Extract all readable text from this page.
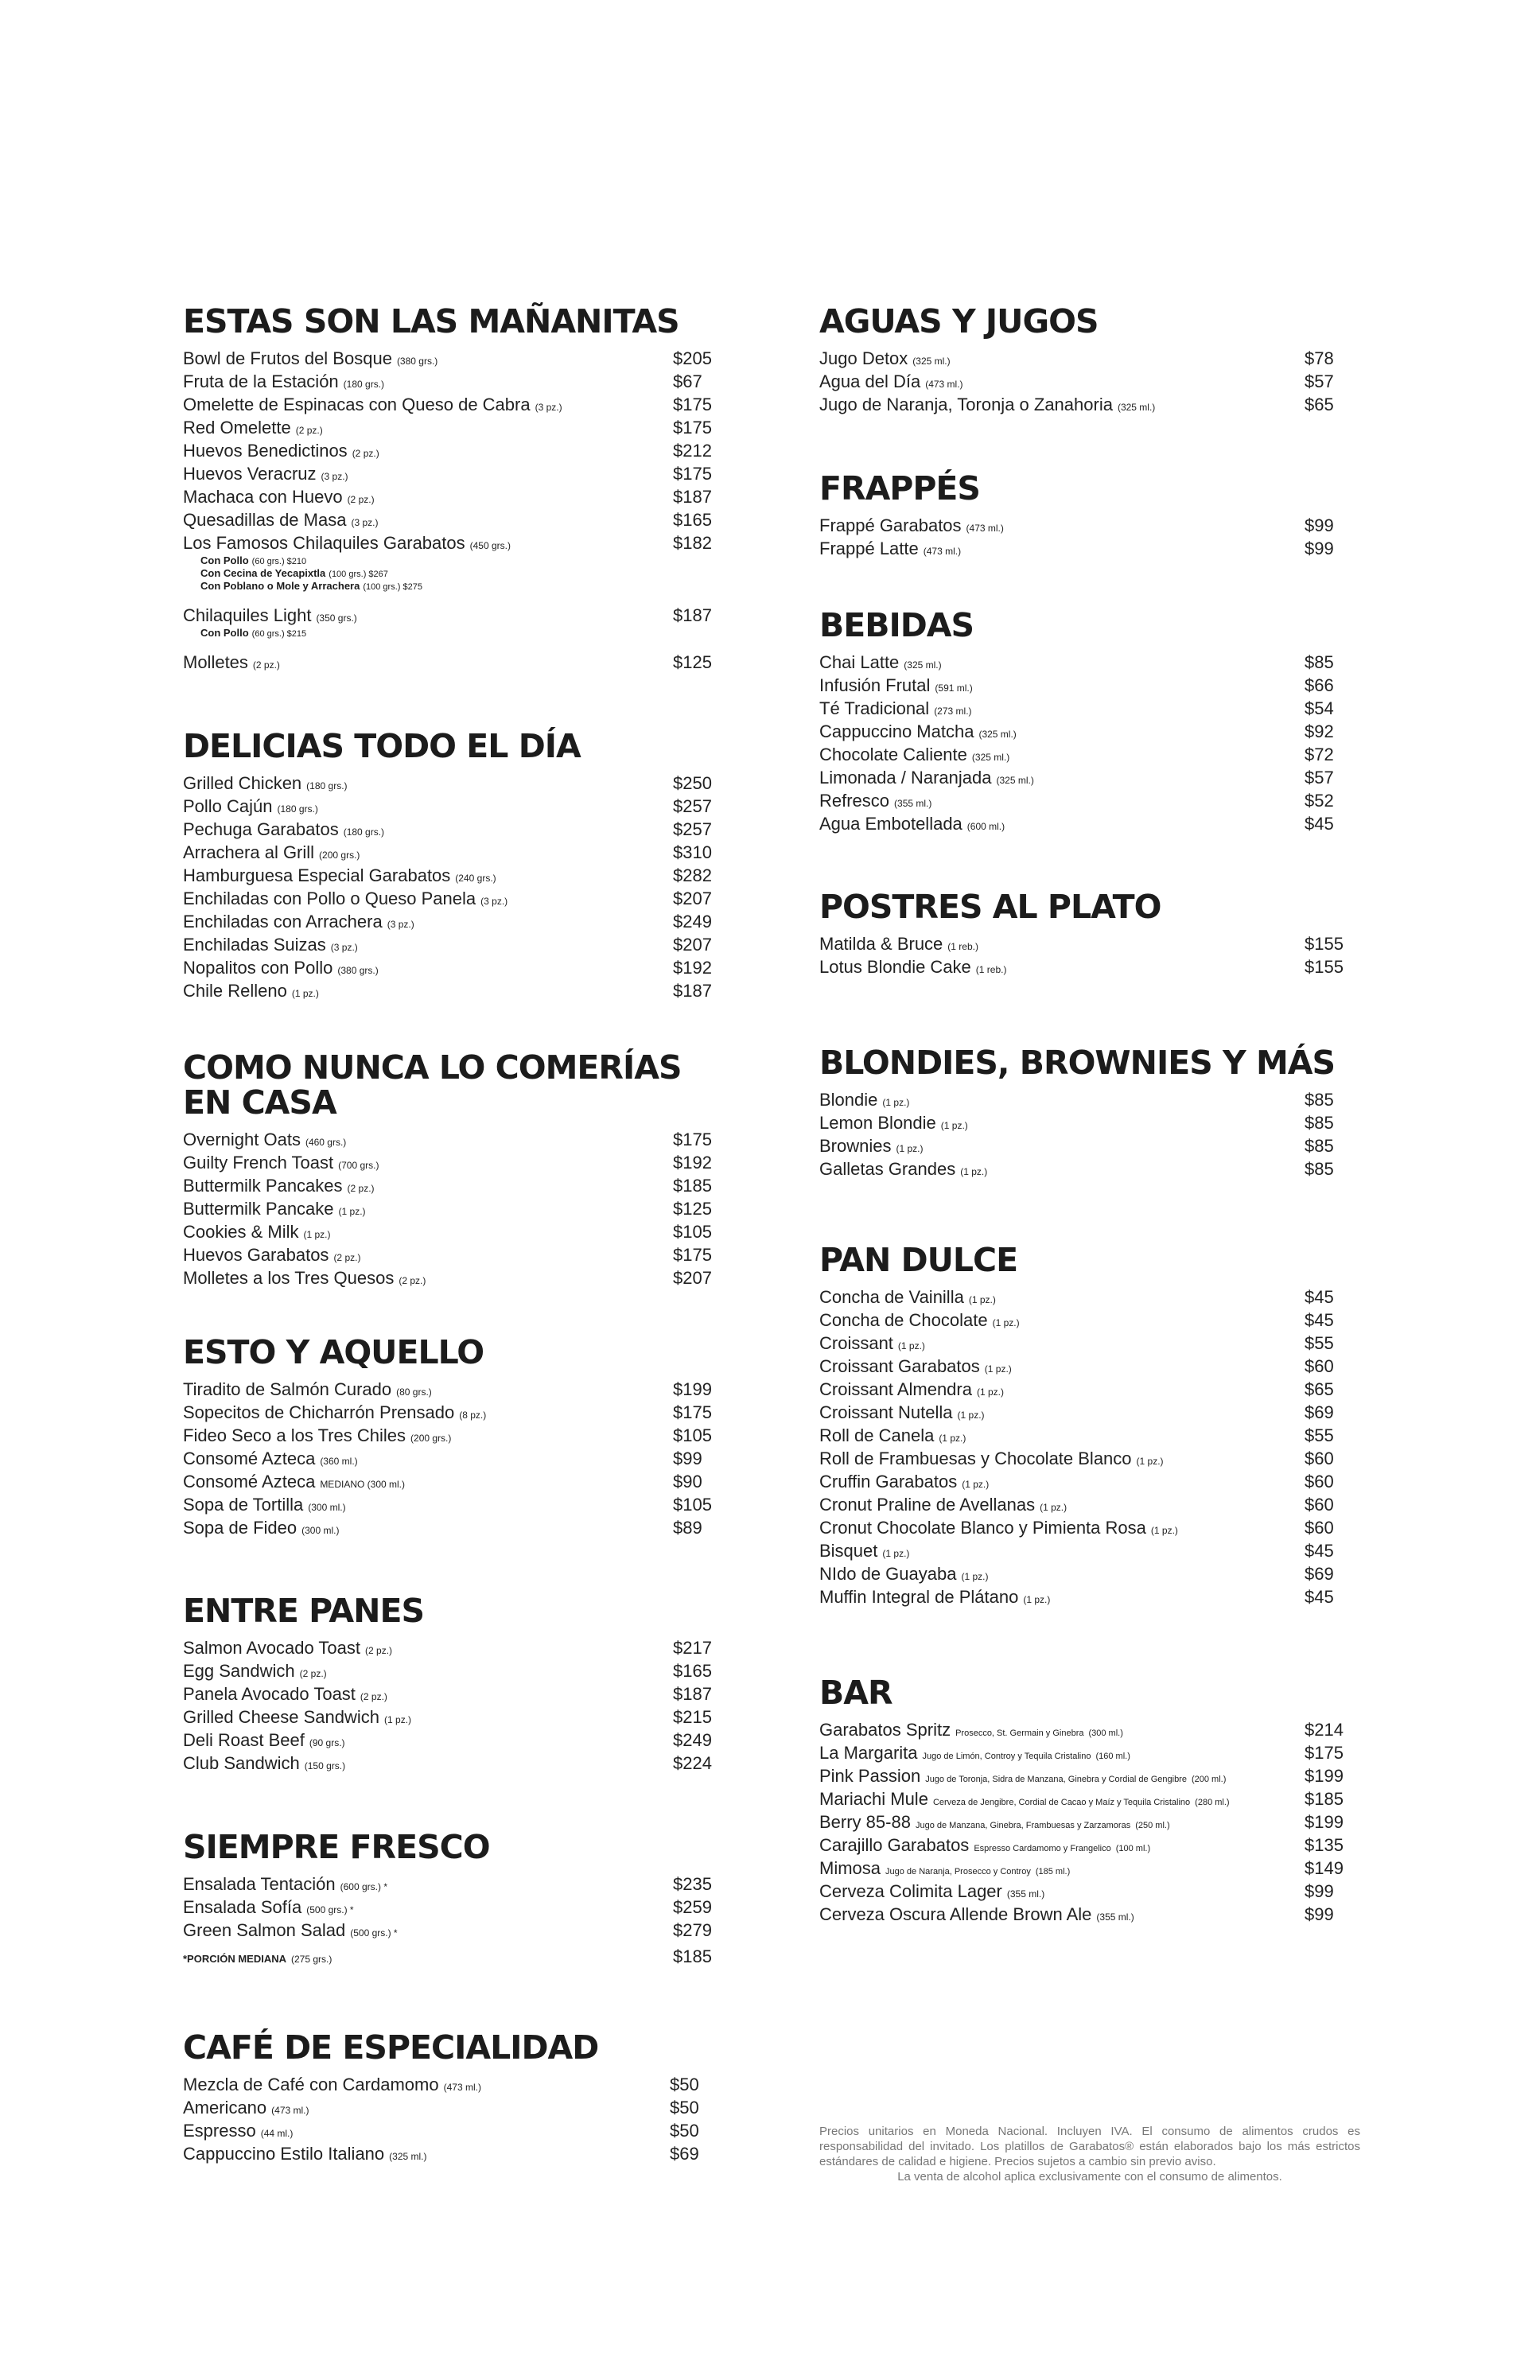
ESTAS SON LAS MAÑANITAS
Bowl de Frutos del Bosque (380 grs.)	$205
Fruta de la Estación (180 grs.)	$67
Omelette de Espinacas con Queso de Cabra (3 pz.)	$175
Red Omelette (2 pz.)	$175
Huevos Benedictinos (2 pz.)	$212
Huevos Veracruz (3 pz.)	$175
Machaca con Huevo (2 pz.)	$187
Quesadillas de Masa (3 pz.)	$165
Los Famosos Chilaquiles Garabatos (450 grs.)	$182
Con Pollo (60 grs.) $210
Con Cecina de Yecapixtla (100 grs.) $267
Con Poblano o Mole y Arrachera (100 grs.) $275
Chilaquiles Light (350 grs.)	$187
Con Pollo (60 grs.) $215
Molletes (2 pz.)	$125
DELICIAS TODO EL DÍA
Grilled Chicken (180 grs.)	$250
Pollo Cajún (180 grs.)	$257
Pechuga Garabatos (180 grs.)	$257
Arrachera al Grill (200 grs.)	$310
Hamburguesa Especial Garabatos (240 grs.)	$282
Enchiladas con Pollo o Queso Panela (3 pz.)	$207
Enchiladas con Arrachera (3 pz.)	$249
Enchiladas Suizas (3 pz.)	$207
Nopalitos con Pollo (380 grs.)	$192
Chile Relleno (1 pz.)	$187
COMO NUNCA LO COMERÍAS
EN CASA
Overnight Oats (460 grs.)	$175
Guilty French Toast (700 grs.)	$192
Buttermilk Pancakes (2 pz.)	$185
Buttermilk Pancake (1 pz.)	$125
Cookies & Milk (1 pz.)	$105
Huevos Garabatos (2 pz.)	$175
Molletes a los Tres Quesos (2 pz.)	$207
ESTO Y AQUELLO
Tiradito de Salmón Curado (80 grs.)	$199
Sopecitos de Chicharrón Prensado (8 pz.)	$175
Fideo Seco a los Tres Chiles (200 grs.)	$105
Consomé Azteca (360 ml.)	$99
Consomé Azteca MEDIANO (300 ml.)	$90
Sopa de Tortilla (300 ml.)	$105
Sopa de Fideo (300 ml.)	$89
ENTRE PANES
Salmon Avocado Toast (2 pz.)	$217
Egg Sandwich (2 pz.)	$165
Panela Avocado Toast (2 pz.)	$187
Grilled Cheese Sandwich (1 pz.)	$215
Deli Roast Beef (90 grs.)	$249
Club Sandwich (150 grs.)	$224
SIEMPRE FRESCO
Ensalada Tentación (600 grs.) *	$235
Ensalada Sofía (500 grs.) *	$259
Green Salmon Salad (500 grs.) *	$279
*PORCIÓN MEDIANA (275 grs.)	$185
CAFÉ DE ESPECIALIDAD
Mezcla de Café con Cardamomo (473 ml.)	$50
Americano (473 ml.)	$50
Espresso (44 ml.)	$50
Cappuccino Estilo Italiano (325 ml.)	$69
AGUAS Y JUGOS
Jugo Detox (325 ml.)	$78
Agua del Día (473 ml.)	$57
Jugo de Naranja, Toronja o Zanahoria (325 ml.)	$65
FRAPPÉS
Frappé Garabatos (473 ml.)	$99
Frappé Latte (473 ml.)	$99
BEBIDAS
Chai Latte (325 ml.)	$85
Infusión Frutal (591 ml.)	$66
Té Tradicional (273 ml.)	$54
Cappuccino Matcha (325 ml.)	$92
Chocolate Caliente (325 ml.)	$72
Limonada / Naranjada (325 ml.)	$57
Refresco (355 ml.)	$52
Agua Embotellada (600 ml.)	$45
POSTRES AL PLATO
Matilda & Bruce (1 reb.)	$155
Lotus Blondie Cake (1 reb.)	$155
BLONDIES, BROWNIES Y MÁS
Blondie (1 pz.)	$85
Lemon Blondie (1 pz.)	$85
Brownies (1 pz.)	$85
Galletas Grandes (1 pz.)	$85
PAN DULCE
Concha de Vainilla (1 pz.)	$45
Concha de Chocolate (1 pz.)	$45
Croissant (1 pz.)	$55
Croissant Garabatos (1 pz.)	$60
Croissant Almendra (1 pz.)	$65
Croissant Nutella (1 pz.)	$69
Roll de Canela (1 pz.)	$55
Roll de Frambuesas y Chocolate Blanco (1 pz.)	$60
Cruffin Garabatos (1 pz.)	$60
Cronut Praline de Avellanas (1 pz.)	$60
Cronut Chocolate Blanco y Pimienta Rosa (1 pz.)	$60
Bisquet (1 pz.)	$45
NIdo de Guayaba (1 pz.)	$69
Muffin Integral de Plátano (1 pz.)	$45
BAR
Garabatos Spritz Prosecco, St. Germain y Ginebra (300 ml.)	$214
La Margarita Jugo de Limón, Controy y Tequila Cristalino (160 ml.)	$175
Pink Passion Jugo de Toronja, Sidra de Manzana, Ginebra y Cordial de Gengibre (200 ml.)	$199
Mariachi Mule Cerveza de Jengibre, Cordial de Cacao y Maíz y Tequila Cristalino (280 ml.)	$185
Berry 85-88 Jugo de Manzana, Ginebra, Frambuesas y Zarzamoras (250 ml.)	$199
Carajillo Garabatos Espresso Cardamomo y Frangelico (100 ml.)	$135
Mimosa Jugo de Naranja, Prosecco y Controy (185 ml.)	$149
Cerveza Colimita Lager (355 ml.)	$99
Cerveza Oscura Allende Brown Ale (355 ml.)	$99
Precios unitarios en Moneda Nacional. Incluyen IVA. El consumo de alimentos crudos es responsabilidad del invitado. Los platillos de Garabatos® están elaborados bajo los más estrictos estándares de calidad e higiene. Precios sujetos a cambio sin previo aviso.
La venta de alcohol aplica exclusivamente con el consumo de alimentos.
